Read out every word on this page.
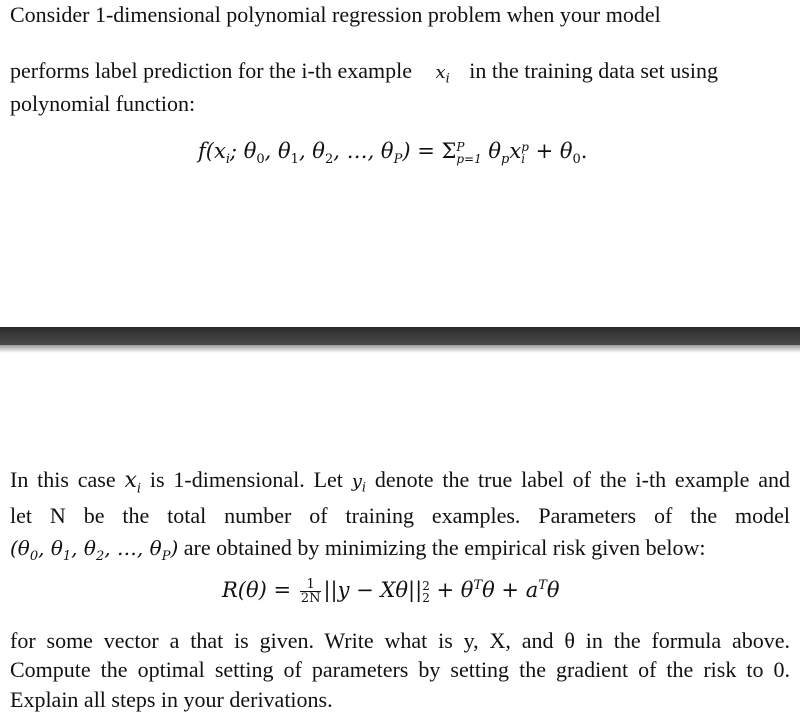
Consider 1-dimensional polynomial regression problem when your model
performs label prediction for the i-th example $x_i$ in the training data set using
polynomial function:
$f(x_i$; $\theta_0$, $\theta_1$, $\theta_2$, …, $\theta_P) = \Sigma$ P
p=1 $\theta_px$ p
$i + \theta_0$.
In this case $x_i$ is 1-dimensional. Let $y_i$ denote the true label of the i-th example and
let N be the total number of training examples. Parameters of the model
($\theta_0$, $\theta_1$, $\theta_2$, …, $\theta_P$) are obtained by minimizing the empirical risk given below:
$R(\theta) = \frac{1}{2N} ||y - X\theta||$ 2
$2 + \theta^T\theta + a^T\theta$
for some vector a that is given. Write what is y, X, and θ in the formula above.
Compute the optimal setting of parameters by setting the gradient of the risk to 0.
Explain all steps in your derivations.
